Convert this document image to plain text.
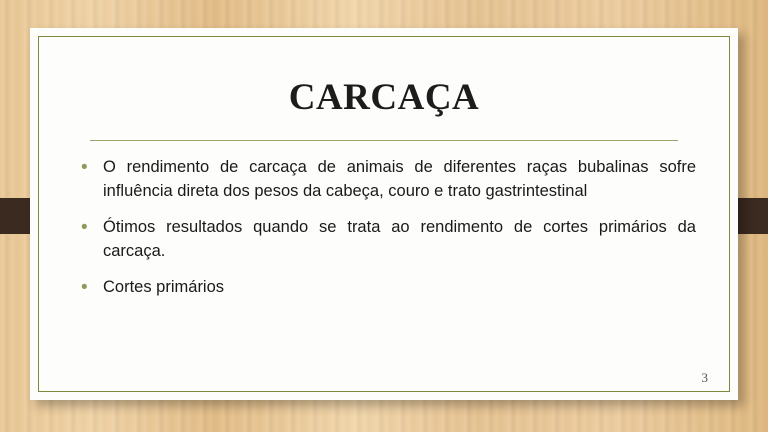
CARCAÇA
• O rendimento de carcaça de animais de diferentes raças bubalinas sofre influência direta dos pesos da cabeça, couro e trato gastrintestinal
• Ótimos resultados quando se trata ao rendimento de cortes primários da carcaça.
• Cortes primários
3
